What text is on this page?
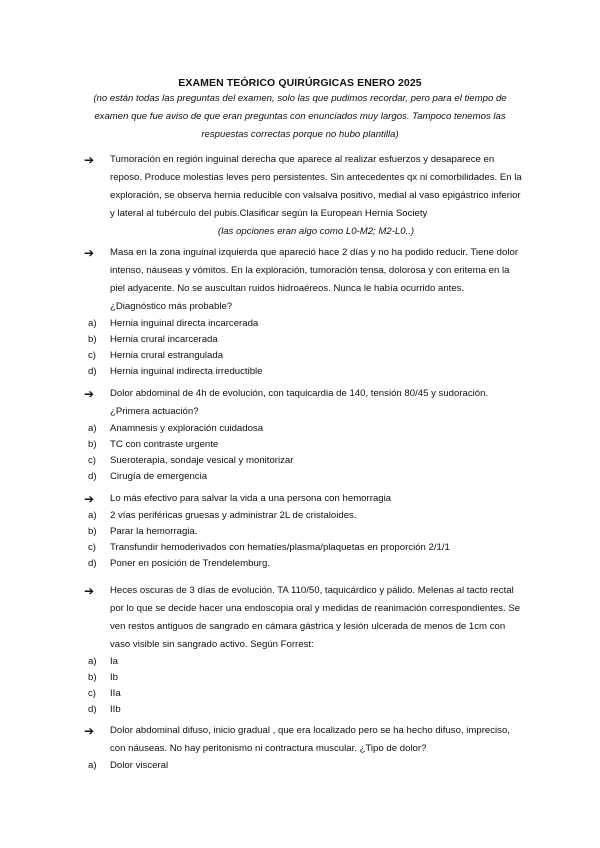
EXAMEN TEÓRICO QUIRÚRGICAS ENERO 2025
(no están todas las preguntas del examen, solo las que pudimos recordar, pero para el tiempo de examen que fue aviso de que eran preguntas con enunciados muy largos. Tampoco tenemos las respuestas correctas porque no hubo plantilla)
➔ Tumoración en región inguinal derecha que aparece al realizar esfuerzos y desaparece en reposo. Produce molestias leves pero persistentes. Sin antecedentes qx ni comorbilidades. En la exploración, se observa hernia reducible con valsalva positivo, medial al vaso epigástrico inferior y lateral al tubérculo del pubis.Clasificar según la European Hernia Society
(las opciones eran algo como L0-M2; M2-L0..)
➔ Masa en la zona inguinal izquierda que apareció hace 2 días y no ha podido reducir. Tiene dolor intenso, náuseas y vómitos. En la exploración, tumoración tensa, dolorosa y con eritema en la piel adyacente. No se auscultan ruidos hidroaéreos. Nunca le había ocurrido antes. ¿Diagnóstico más probable?
a) Hernia inguinal directa incarcerada
b) Hernia crural incarcerada
c) Hernia crural estrangulada
d) Hernia inguinal indirecta irreductible
➔ Dolor abdominal de 4h de evolución, con taquicardia de 140, tensión 80/45 y sudoración. ¿Primera actuación?
a) Anamnesis y exploración cuidadosa
b) TC con contraste urgente
c) Sueroterapia, sondaje vesical y monitorizar
d) Cirugía de emergencia
➔ Lo más efectivo para salvar la vida a una persona con hemorragia
a) 2 vías periféricas gruesas y administrar 2L de cristaloides.
b) Parar la hemorragia.
c) Transfundir hemoderivados con hematíes/plasma/plaquetas en proporción 2/1/1
d) Poner en posición de Trendelemburg.
➔ Heces oscuras de 3 días de evolución. TA 110/50, taquicárdico y pálido. Melenas al tacto rectal por lo que se decide hacer una endoscopia oral y medidas de reanimación correspondientes. Se ven restos antiguos de sangrado en cámara gástrica y lesión ulcerada de menos de 1cm con vaso visible sin sangrado activo. Según Forrest:
a) Ia
b) Ib
c) IIa
d) IIb
➔ Dolor abdominal difuso, inicio gradual , que era localizado pero se ha hecho difuso, impreciso, con náuseas. No hay peritonismo ni contractura muscular. ¿Tipo de dolor?
a) Dolor visceral
